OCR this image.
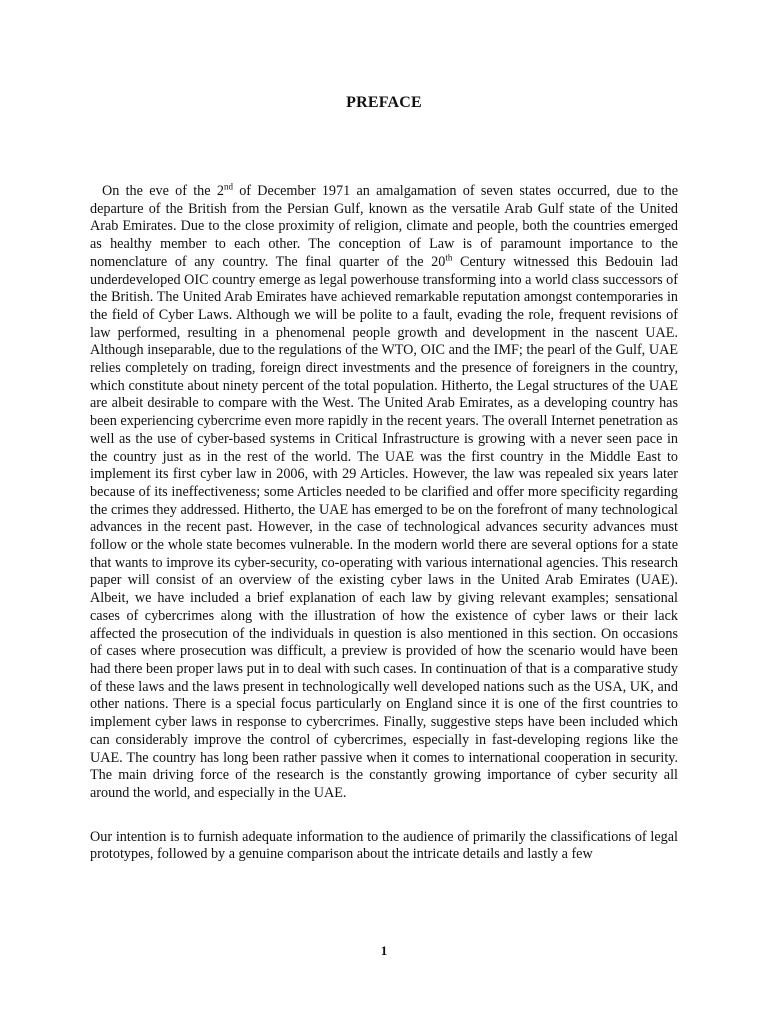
PREFACE

On the eve of the 2nd of December 1971 an amalgamation of seven states occurred, due to the departure of the British from the Persian Gulf, known as the versatile Arab Gulf state of the United Arab Emirates. Due to the close proximity of religion, climate and people, both the countries emerged as healthy member to each other. The conception of Law is of paramount importance to the nomenclature of any country. The final quarter of the 20th Century witnessed this Bedouin lad underdeveloped OIC country emerge as legal powerhouse transforming into a world class successors of the British. The United Arab Emirates have achieved remarkable reputation amongst contemporaries in the field of Cyber Laws. Although we will be polite to a fault, evading the role, frequent revisions of law performed, resulting in a phenomenal people growth and development in the nascent UAE. Although inseparable, due to the regulations of the WTO, OIC and the IMF; the pearl of the Gulf, UAE relies completely on trading, foreign direct investments and the presence of foreigners in the country, which constitute about ninety percent of the total population. Hitherto, the Legal structures of the UAE are albeit desirable to compare with the West. The United Arab Emirates, as a developing country has been experiencing cybercrime even more rapidly in the recent years. The overall Internet penetration as well as the use of cyber-based systems in Critical Infrastructure is growing with a never seen pace in the country just as in the rest of the world. The UAE was the first country in the Middle East to implement its first cyber law in 2006, with 29 Articles. However, the law was repealed six years later because of its ineffectiveness; some Articles needed to be clarified and offer more specificity regarding the crimes they addressed. Hitherto, the UAE has emerged to be on the forefront of many technological advances in the recent past. However, in the case of technological advances security advances must follow or the whole state becomes vulnerable. In the modern world there are several options for a state that wants to improve its cyber-security, co-operating with various international agencies. This research paper will consist of an overview of the existing cyber laws in the United Arab Emirates (UAE). Albeit, we have included a brief explanation of each law by giving relevant examples; sensational cases of cybercrimes along with the illustration of how the existence of cyber laws or their lack affected the prosecution of the individuals in question is also mentioned in this section. On occasions of cases where prosecution was difficult, a preview is provided of how the scenario would have been had there been proper laws put in to deal with such cases. In continuation of that is a comparative study of these laws and the laws present in technologically well developed nations such as the USA, UK, and other nations. There is a special focus particularly on England since it is one of the first countries to implement cyber laws in response to cybercrimes. Finally, suggestive steps have been included which can considerably improve the control of cybercrimes, especially in fast-developing regions like the UAE. The country has long been rather passive when it comes to international cooperation in security. The main driving force of the research is the constantly growing importance of cyber security all around the world, and especially in the UAE.

Our intention is to furnish adequate information to the audience of primarily the classifications of legal prototypes, followed by a genuine comparison about the intricate details and lastly a few

1
